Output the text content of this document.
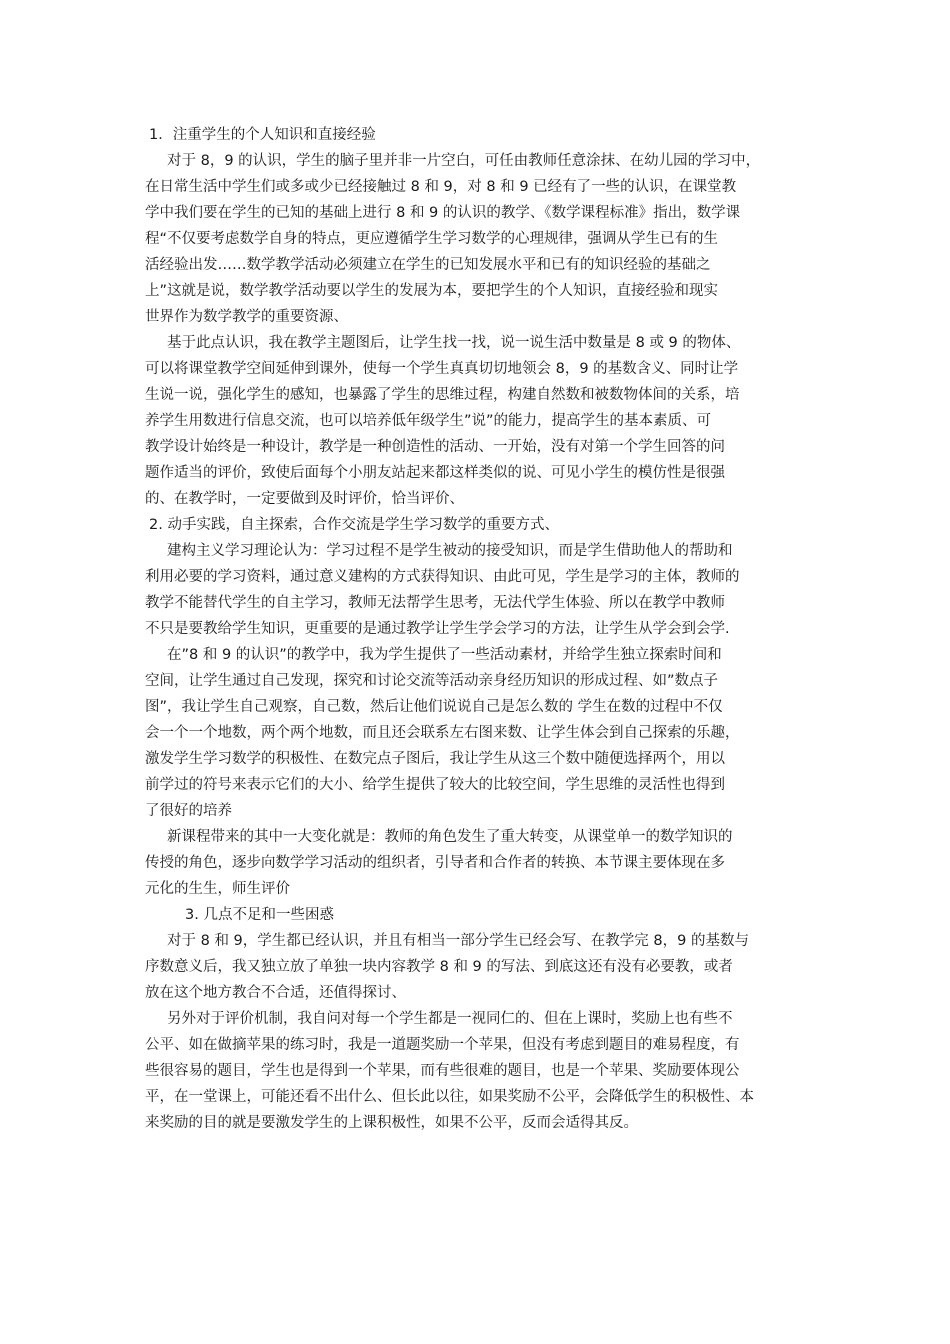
1．注重学生的个人知识和直接经验

对于 8，9 的认识，学生的脑子里并非一片空白，可任由教师任意涂抹、在幼儿园的学习中，
在日常生活中学生们或多或少已经接触过 8 和 9，对 8 和 9 已经有了一些的认识，在课堂教
学中我们要在学生的已知的基础上进行 8 和 9 的认识的教学、《数学课程标准》指出，数学课
程“不仅要考虑数学自身的特点，更应遵循学生学习数学的心理规律，强调从学生已有的生
活经验出发……数学教学活动必须建立在学生的已知发展水平和已有的知识经验的基础之
上”这就是说，数学教学活动要以学生的发展为本，要把学生的个人知识，直接经验和现实
世界作为数学教学的重要资源、

基于此点认识，我在教学主题图后，让学生找一找，说一说生活中数量是 8 或 9 的物体、
可以将课堂教学空间延伸到课外，使每一个学生真真切切地领会 8，9 的基数含义、同时让学
生说一说，强化学生的感知，也暴露了学生的思维过程，构建自然数和被数物体间的关系，培
养学生用数进行信息交流，也可以培养低年级学生”说”的能力，提高学生的基本素质、可
教学设计始终是一种设计，教学是一种创造性的活动、一开始，没有对第一个学生回答的问
题作适当的评价，致使后面每个小朋友站起来都这样类似的说、可见小学生的模仿性是很强
的、在教学时，一定要做到及时评价，恰当评价、

2. 动手实践，自主探索，合作交流是学生学习数学的重要方式、

建构主义学习理论认为：学习过程不是学生被动的接受知识，而是学生借助他人的帮助和
利用必要的学习资料，通过意义建构的方式获得知识、由此可见，学生是学习的主体，教师的
教学不能替代学生的自主学习，教师无法帮学生思考，无法代学生体验、所以在教学中教师
不只是要教给学生知识，更重要的是通过教学让学生学会学习的方法，让学生从学会到会学.

在”8 和 9 的认识”的教学中，我为学生提供了一些活动素材，并给学生独立探索时间和
空间，让学生通过自己发现，探究和讨论交流等活动亲身经历知识的形成过程、如”数点子
图”，我让学生自己观察，自己数，然后让他们说说自己是怎么数的 学生在数的过程中不仅
会一个一个地数，两个两个地数，而且还会联系左右图来数、让学生体会到自己探索的乐趣，
激发学生学习数学的积极性、在数完点子图后，我让学生从这三个数中随便选择两个，用以
前学过的符号来表示它们的大小、给学生提供了较大的比较空间，学生思维的灵活性也得到
了很好的培养

新课程带来的其中一大变化就是：教师的角色发生了重大转变，从课堂单一的数学知识的
传授的角色，逐步向数学学习活动的组织者，引导者和合作者的转换、本节课主要体现在多
元化的生生，师生评价

3. 几点不足和一些困惑

对于 8 和 9，学生都已经认识，并且有相当一部分学生已经会写、在教学完 8，9 的基数与
序数意义后，我又独立放了单独一块内容教学 8 和 9 的写法、到底这还有没有必要教，或者
放在这个地方教合不合适，还值得探讨、

另外对于评价机制，我自问对每一个学生都是一视同仁的、但在上课时，奖励上也有些不
公平、如在做摘苹果的练习时，我是一道题奖励一个苹果，但没有考虑到题目的难易程度，有
些很容易的题目，学生也是得到一个苹果，而有些很难的题目，也是一个苹果、奖励要体现公
平，在一堂课上，可能还看不出什么、但长此以往，如果奖励不公平，会降低学生的积极性、本
来奖励的目的就是要激发学生的上课积极性，如果不公平，反而会适得其反。
